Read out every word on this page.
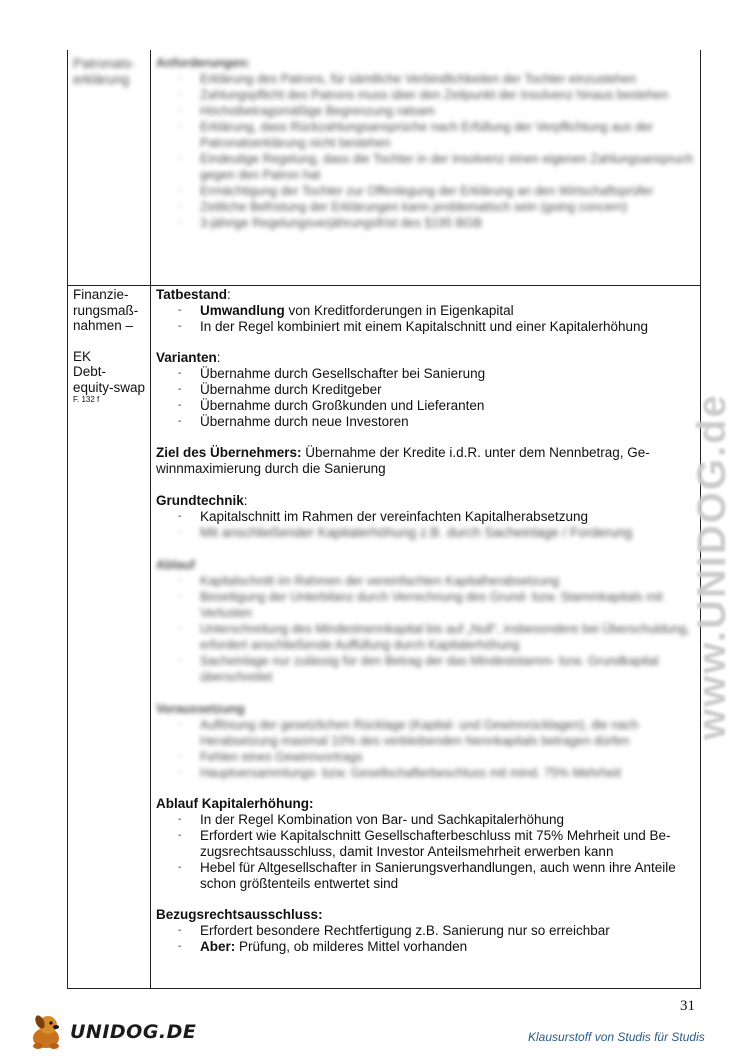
www.UNIDOG.de
Patronats-
erklärung
Anforderungen:
- Erklärung des Patrons, für sämtliche Verbindlichkeiten der Tochter einzustehen
- Zahlungspflicht des Patrons muss über den Zeitpunkt der Insolvenz hinaus bestehen
- Höchstbetragsmäßige Begrenzung ratsam
- Erklärung, dass Rückzahlungsansprüche nach Erfüllung der Verpflichtung aus der Patronatserklärung nicht bestehen
- Eindeutige Regelung, dass die Tochter in der Insolvenz einen eigenen Zahlungsanspruch gegen den Patron hat
- Ermächtigung der Tochter zur Offenlegung der Erklärung an den Wirtschaftsprüfer
- Zeitliche Befristung der Erklärungen kann problematisch sein (going concern)
- 3-jährige Regelungsverjährungsfrist des §195 BGB
Finanzie-
rungsmaß-
nahmen –
EK
Debt-
equity-swap
F. 132 f
Tatbestand:
- Umwandlung von Kreditforderungen in Eigenkapital
- In der Regel kombiniert mit einem Kapitalschnitt und einer Kapitalerhöhung
Varianten:
- Übernahme durch Gesellschafter bei Sanierung
- Übernahme durch Kreditgeber
- Übernahme durch Großkunden und Lieferanten
- Übernahme durch neue Investoren
Ziel des Übernehmers: Übernahme der Kredite i.d.R. unter dem Nennbetrag, Ge-
winnmaximierung durch die Sanierung
Grundtechnik:
- Kapitalschnitt im Rahmen der vereinfachten Kapitalherabsetzung
- Mit anschließender Kapitalerhöhung z.B. durch Sacheinlage / Forderung
Ablauf
- Kapitalschnitt im Rahmen der vereinfachten Kapitalherabsetzung
- Beseitigung der Unterbilanz durch Verrechnung des Grund- bzw. Stammkapitals mit Verlusten
- Unterschreitung des Mindestnennkapital bis auf „Null“, insbesondere bei Überschuldung, erfordert anschließende Auffüllung durch Kapitalerhöhung
- Sacheinlage nur zulässig für den Betrag der das Mindeststamm- bzw. Grundkapital überschreitet
Voraussetzung
- Auflösung der gesetzlichen Rücklage (Kapital- und Gewinnrücklagen), die nach Herabsetzung maximal 10% des verbleibenden Nennkapitals betragen dürfen
- Fehlen eines Gewinnvortrags
- Hauptversammlungs- bzw. Gesellschafterbeschluss mit mind. 75% Mehrheit
Ablauf Kapitalerhöhung:
- In der Regel Kombination von Bar- und Sachkapitalerhöhung
- Erfordert wie Kapitalschnitt Gesellschafterbeschluss mit 75% Mehrheit und Be-
zugsrechtsausschluss, damit Investor Anteilsmehrheit erwerben kann
- Hebel für Altgesellschafter in Sanierungsverhandlungen, auch wenn ihre Anteile
schon größtenteils entwertet sind
Bezugsrechtsausschluss:
- Erfordert besondere Rechtfertigung z.B. Sanierung nur so erreichbar
- Aber: Prüfung, ob milderes Mittel vorhanden
31
UNIDOG.DE	Klausurstoff von Studis für Studis
